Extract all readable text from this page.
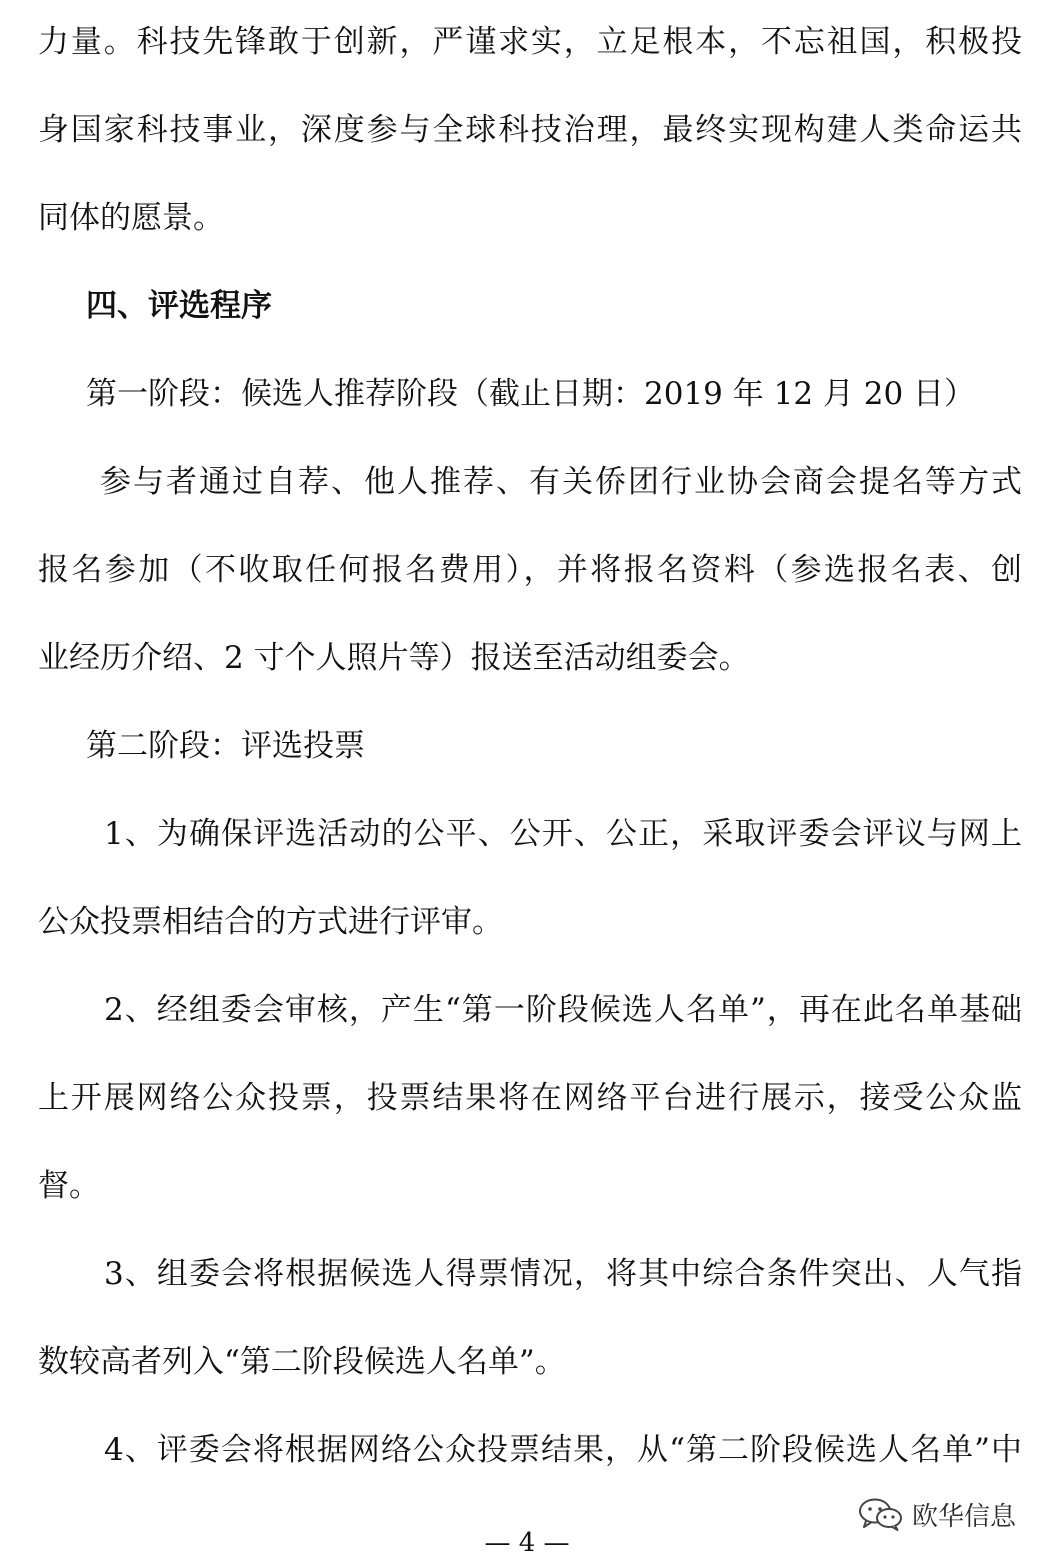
力量。科技先锋敢于创新，严谨求实，立足根本，不忘祖国，积极投
身国家科技事业，深度参与全球科技治理，最终实现构建人类命运共
同体的愿景。
四、评选程序
第一阶段：候选人推荐阶段（截止日期：2019 年 12 月 20 日）
参与者通过自荐、他人推荐、有关侨团行业协会商会提名等方式
报名参加（不收取任何报名费用），并将报名资料（参选报名表、创
业经历介绍、2 寸个人照片等）报送至活动组委会。
第二阶段：评选投票
1、为确保评选活动的公平、公开、公正，采取评委会评议与网上
公众投票相结合的方式进行评审。
2、经组委会审核，产生“第一阶段候选人名单”，再在此名单基础
上开展网络公众投票，投票结果将在网络平台进行展示，接受公众监
督。
3、组委会将根据候选人得票情况，将其中综合条件突出、人气指
数较高者列入“第二阶段候选人名单”。
4、评委会将根据网络公众投票结果，从“第二阶段候选人名单”中
— 4 —
欧华信息
